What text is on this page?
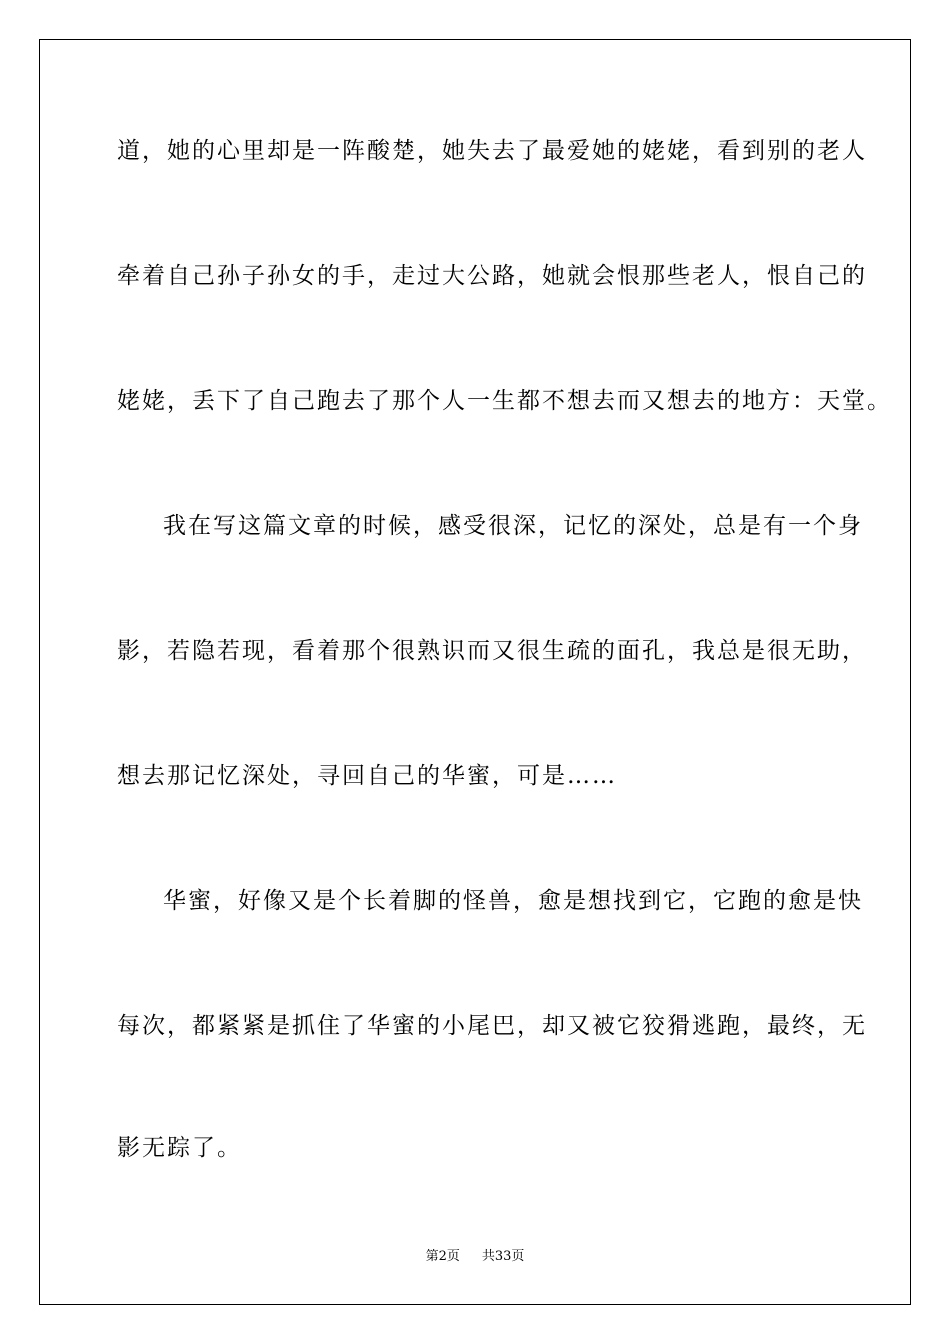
道，她的心里却是一阵酸楚，她失去了最爱她的姥姥，看到别的老人
牵着自己孙子孙女的手，走过大公路，她就会恨那些老人，恨自己的
姥姥，丢下了自己跑去了那个人一生都不想去而又想去的地方：天堂。
我在写这篇文章的时候，感受很深，记忆的深处，总是有一个身
影，若隐若现，看着那个很熟识而又很生疏的面孔，我总是很无助，
想去那记忆深处，寻回自己的华蜜，可是……
华蜜，好像又是个长着脚的怪兽，愈是想找到它，它跑的愈是快
每次，都紧紧是抓住了华蜜的小尾巴，却又被它狡猾逃跑，最终，无
影无踪了。
第2页 共33页
